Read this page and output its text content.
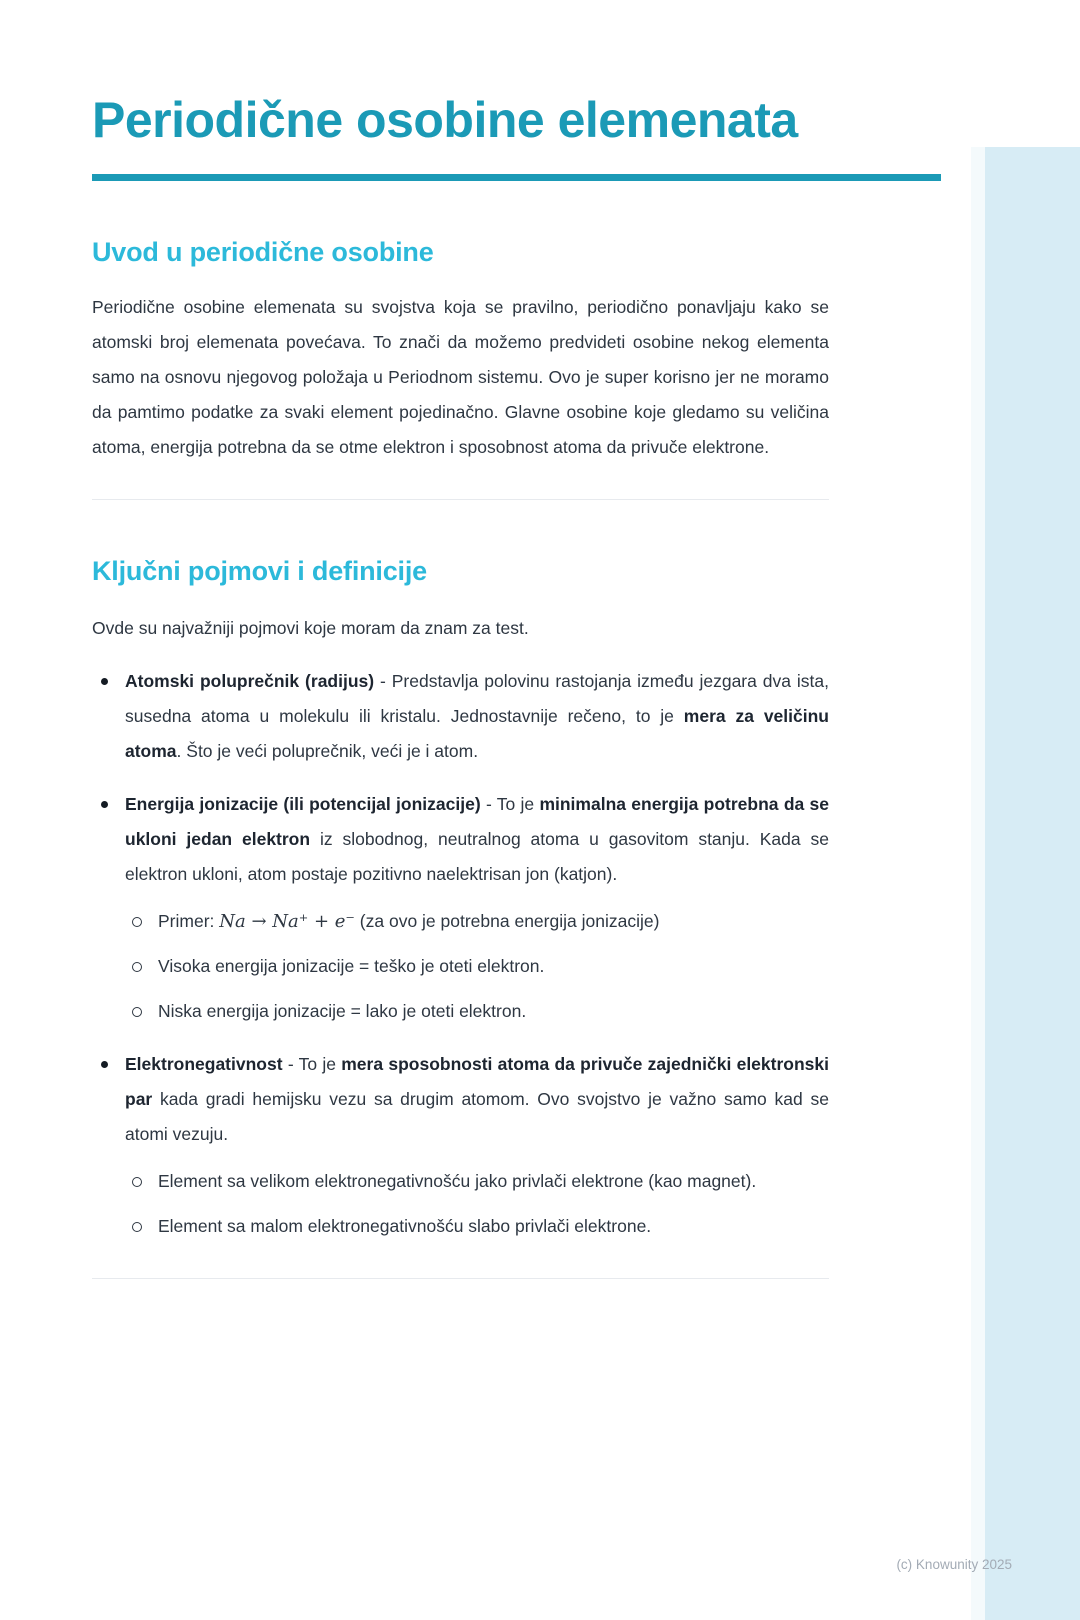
Periodične osobine elemenata
Uvod u periodične osobine

Periodične osobine elemenata su svojstva koja se pravilno, periodično ponavljaju kako se atomski broj elemenata povećava. To znači da možemo predvideti osobine nekog elementa samo na osnovu njegovog položaja u Periodnom sistemu. Ovo je super korisno jer ne moramo da pamtimo podatke za svaki element pojedinačno. Glavne osobine koje gledamo su veličina atoma, energija potrebna da se otme elektron i sposobnost atoma da privuče elektrone.

Ključni pojmovi i definicije

Ovde su najvažniji pojmovi koje moram da znam za test.

Atomski poluprečnik (radijus) - Predstavlja polovinu rastojanja između jezgara dva ista, susedna atoma u molekulu ili kristalu. Jednostavnije rečeno, to je mera za veličinu atoma. Što je veći poluprečnik, veći je i atom.
Energija jonizacije (ili potencijal jonizacije) - To je minimalna energija potrebna da se ukloni jedan elektron iz slobodnog, neutralnog atoma u gasovitom stanju. Kada se elektron ukloni, atom postaje pozitivno naelektrisan jon (katjon).
Primer: Na → Na⁺ + e⁻ (za ovo je potrebna energija jonizacije)
Visoka energija jonizacije = teško je oteti elektron.
Niska energija jonizacije = lako je oteti elektron.
Elektronegativnost - To je mera sposobnosti atoma da privuče zajednički elektronski par kada gradi hemijsku vezu sa drugim atomom. Ovo svojstvo je važno samo kad se atomi vezuju.
Element sa velikom elektronegativnošću jako privlači elektrone (kao magnet).
Element sa malom elektronegativnošću slabo privlači elektrone.
(c) Knowunity 2025
